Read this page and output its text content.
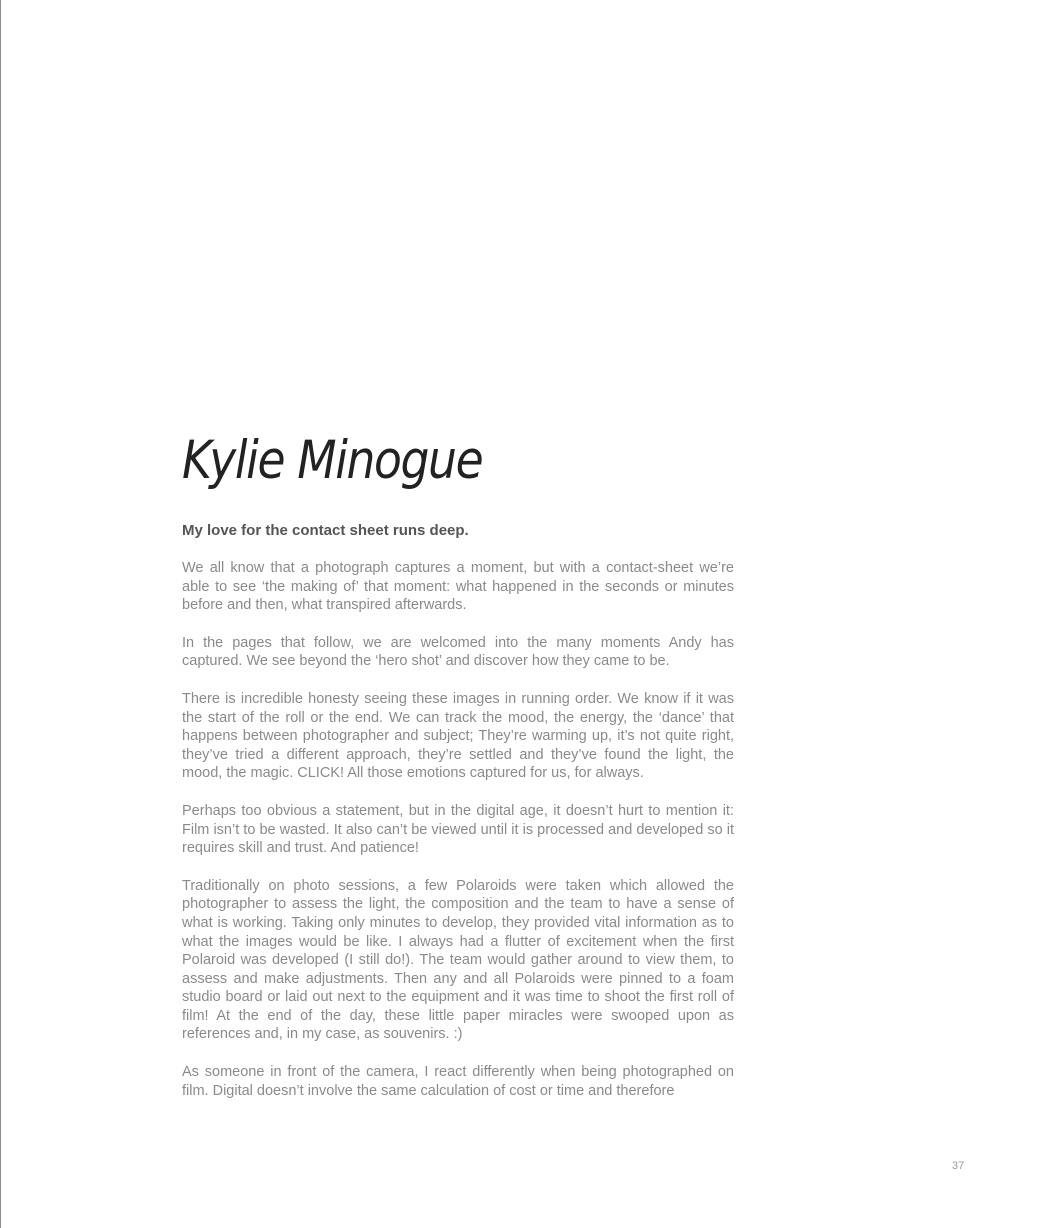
Kylie Minogue

My love for the contact sheet runs deep.

We all know that a photograph captures a moment, but with a contact-sheet we’re able to see ‘the making of’ that moment: what happened in the seconds or minutes before and then, what transpired afterwards.

In the pages that follow, we are welcomed into the many moments Andy has captured. We see beyond the ‘hero shot’ and discover how they came to be.

There is incredible honesty seeing these images in running order. We know if it was the start of the roll or the end. We can track the mood, the energy, the ‘dance’ that happens between photographer and subject; They’re warming up, it’s not quite right, they’ve tried a different approach, they’re settled and they’ve found the light, the mood, the magic. CLICK! All those emotions captured for us, for always.

Perhaps too obvious a statement, but in the digital age, it doesn’t hurt to mention it: Film isn’t to be wasted. It also can’t be viewed until it is processed and developed so it requires skill and trust. And patience!

Traditionally on photo sessions, a few Polaroids were taken which allowed the photographer to assess the light, the composition and the team to have a sense of what is working. Taking only minutes to develop, they provided vital information as to what the images would be like. I always had a flutter of excitement when the first Polaroid was developed (I still do!). The team would gather around to view them, to assess and make adjustments. Then any and all Polaroids were pinned to a foam studio board or laid out next to the equipment and it was time to shoot the first roll of film! At the end of the day, these little paper miracles were swooped upon as references and, in my case, as souvenirs. :)

As someone in front of the camera, I react differently when being photographed on film. Digital doesn’t involve the same calculation of cost or time and therefore

37
